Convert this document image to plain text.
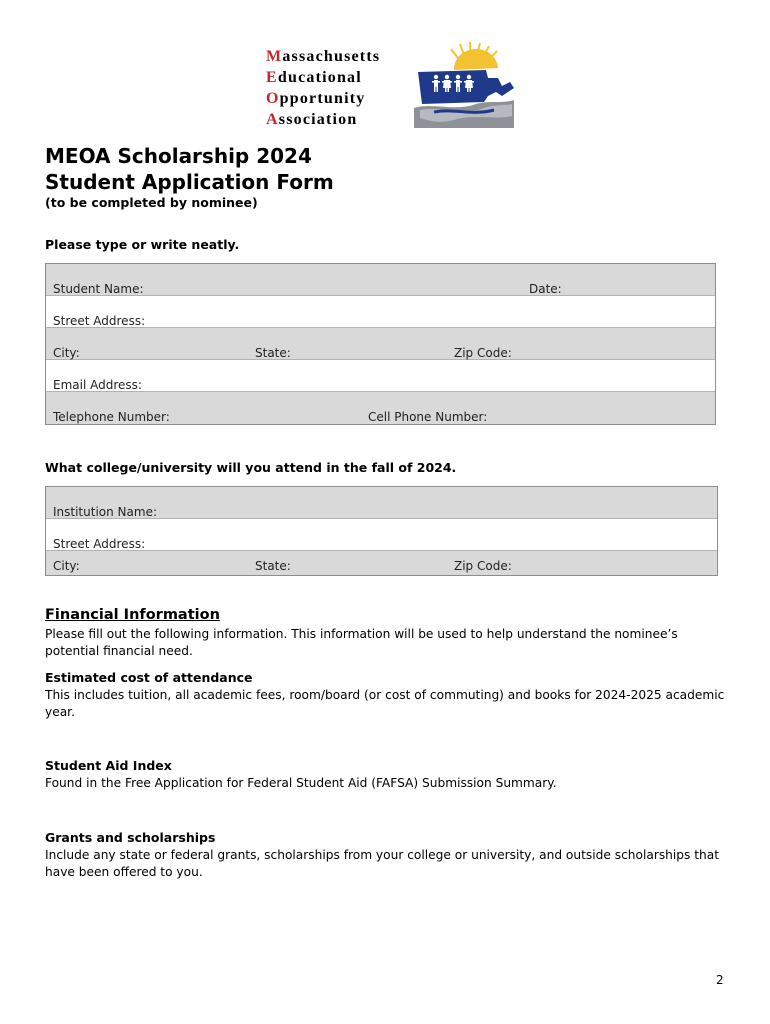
Massachusetts
Educational
Opportunity
Association
MEOA Scholarship 2024
Student Application Form
(to be completed by nominee)
Please type or write neatly.
Student Name:	Date:
Street Address:
City:	State:	Zip Code:
Email Address:
Telephone Number:	Cell Phone Number:
What college/university will you attend in the fall of 2024.
Institution Name:
Street Address:
City:	State:	Zip Code:
Financial Information
Please fill out the following information. This information will be used to help understand the nominee’s potential financial need.
Estimated cost of attendance
This includes tuition, all academic fees, room/board (or cost of commuting) and books for 2024-2025 academic year.
Student Aid Index
Found in the Free Application for Federal Student Aid (FAFSA) Submission Summary.
Grants and scholarships
Include any state or federal grants, scholarships from your college or university, and outside scholarships that have been offered to you.
2
